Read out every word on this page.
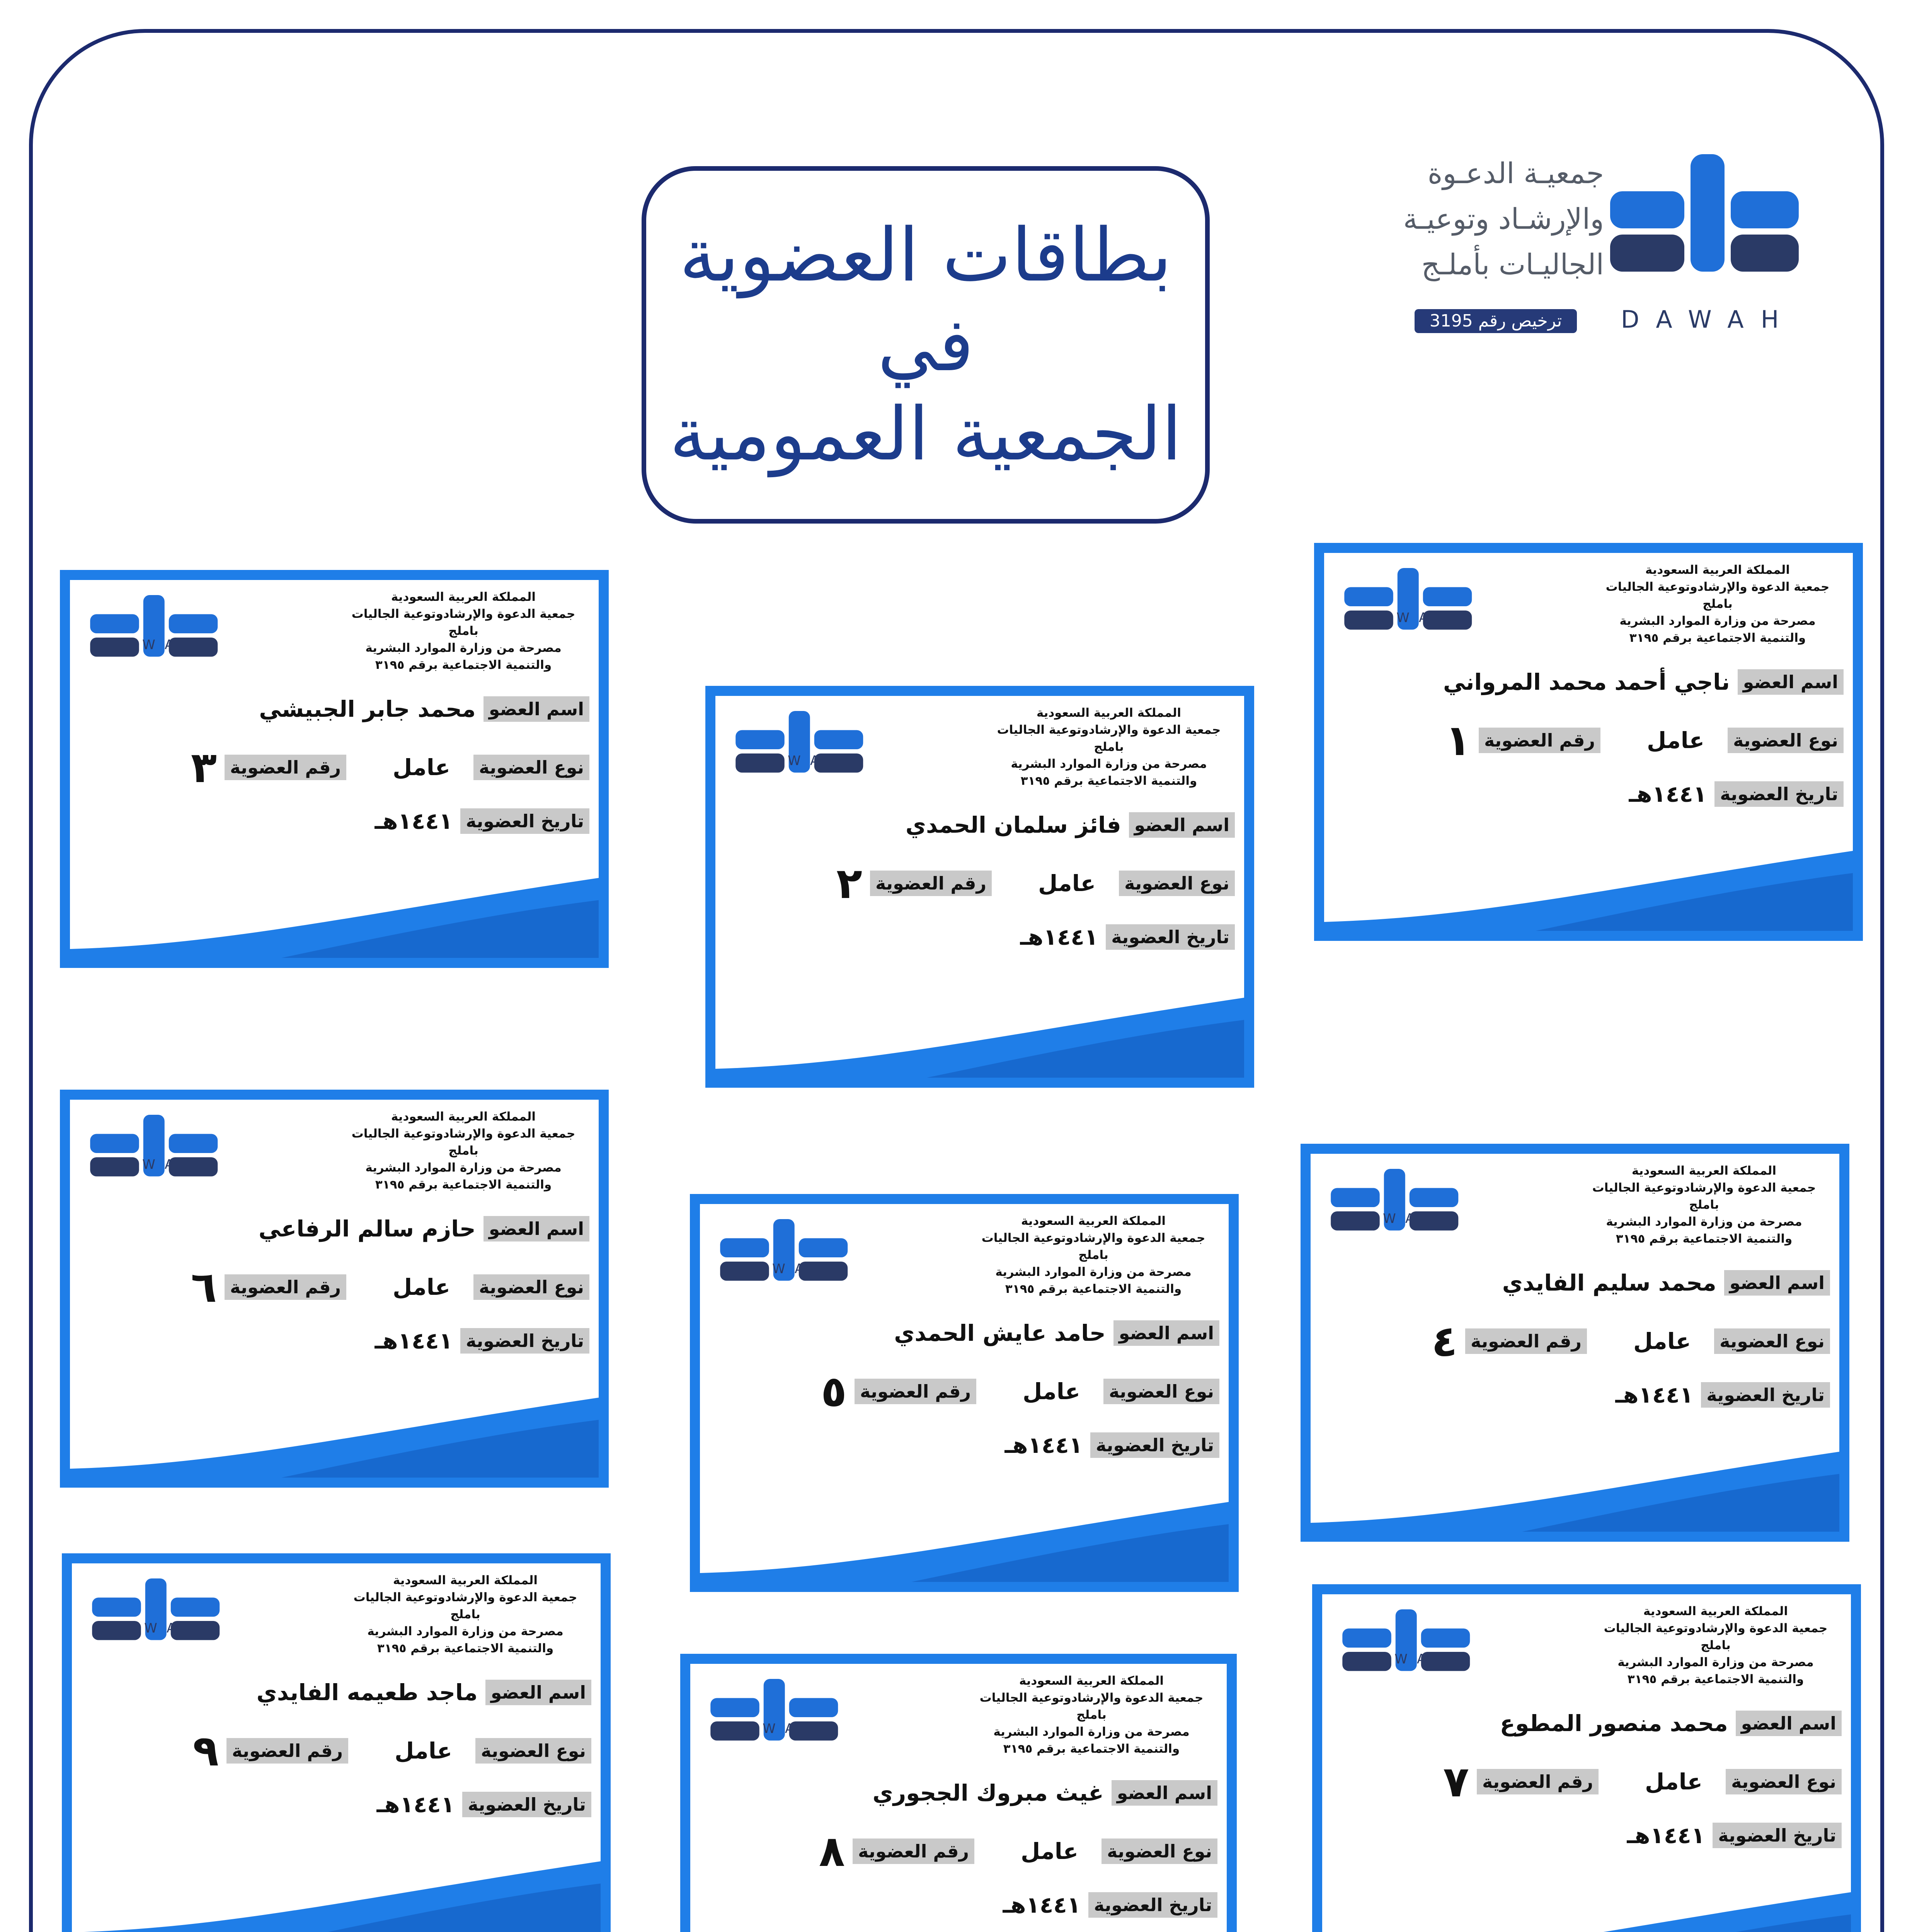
بطاقات العضوية
في
الجمعية العمومية
جمعيـة الدعـوة
والإرشـاد وتوعيـة
الجاليـات بأملـج
ترخيص رقم 3195	DAWAH
DAWAH
المملكة العربية السعودية
جمعية الدعوة والإرشادوتوعية الجاليات باملج
مصرحة من وزارة الموارد البشرية
والتنمية الاجتماعية برقم ٣١٩٥
اسم العضو
ناجي أحمد محمد المرواني
نوع العضوية
عامل
رقم العضوية
١
تاريخ العضوية
١٤٤١هـ
DAWAH
المملكة العربية السعودية
جمعية الدعوة والإرشادوتوعية الجاليات باملج
مصرحة من وزارة الموارد البشرية
والتنمية الاجتماعية برقم ٣١٩٥
اسم العضو
فائز سلمان الحمدي
نوع العضوية
عامل
رقم العضوية
٢
تاريخ العضوية
١٤٤١هـ
DAWAH
المملكة العربية السعودية
جمعية الدعوة والإرشادوتوعية الجاليات باملج
مصرحة من وزارة الموارد البشرية
والتنمية الاجتماعية برقم ٣١٩٥
اسم العضو
محمد جابر الجبيشي
نوع العضوية
عامل
رقم العضوية
٣
تاريخ العضوية
١٤٤١هـ
DAWAH
المملكة العربية السعودية
جمعية الدعوة والإرشادوتوعية الجاليات باملج
مصرحة من وزارة الموارد البشرية
والتنمية الاجتماعية برقم ٣١٩٥
اسم العضو
محمد سليم الفايدي
نوع العضوية
عامل
رقم العضوية
٤
تاريخ العضوية
١٤٤١هـ
DAWAH
المملكة العربية السعودية
جمعية الدعوة والإرشادوتوعية الجاليات باملج
مصرحة من وزارة الموارد البشرية
والتنمية الاجتماعية برقم ٣١٩٥
اسم العضو
حامد عايش الحمدي
نوع العضوية
عامل
رقم العضوية
٥
تاريخ العضوية
١٤٤١هـ
DAWAH
المملكة العربية السعودية
جمعية الدعوة والإرشادوتوعية الجاليات باملج
مصرحة من وزارة الموارد البشرية
والتنمية الاجتماعية برقم ٣١٩٥
اسم العضو
حازم سالم الرفاعي
نوع العضوية
عامل
رقم العضوية
٦
تاريخ العضوية
١٤٤١هـ
DAWAH
المملكة العربية السعودية
جمعية الدعوة والإرشادوتوعية الجاليات باملج
مصرحة من وزارة الموارد البشرية
والتنمية الاجتماعية برقم ٣١٩٥
اسم العضو
محمد منصور المطوع
نوع العضوية
عامل
رقم العضوية
٧
تاريخ العضوية
١٤٤١هـ
DAWAH
المملكة العربية السعودية
جمعية الدعوة والإرشادوتوعية الجاليات باملج
مصرحة من وزارة الموارد البشرية
والتنمية الاجتماعية برقم ٣١٩٥
اسم العضو
غيث مبروك الججوري
نوع العضوية
عامل
رقم العضوية
٨
تاريخ العضوية
١٤٤١هـ
DAWAH
المملكة العربية السعودية
جمعية الدعوة والإرشادوتوعية الجاليات باملج
مصرحة من وزارة الموارد البشرية
والتنمية الاجتماعية برقم ٣١٩٥
اسم العضو
ماجد طعيمه الفايدي
نوع العضوية
عامل
رقم العضوية
٩
تاريخ العضوية
١٤٤١هـ
